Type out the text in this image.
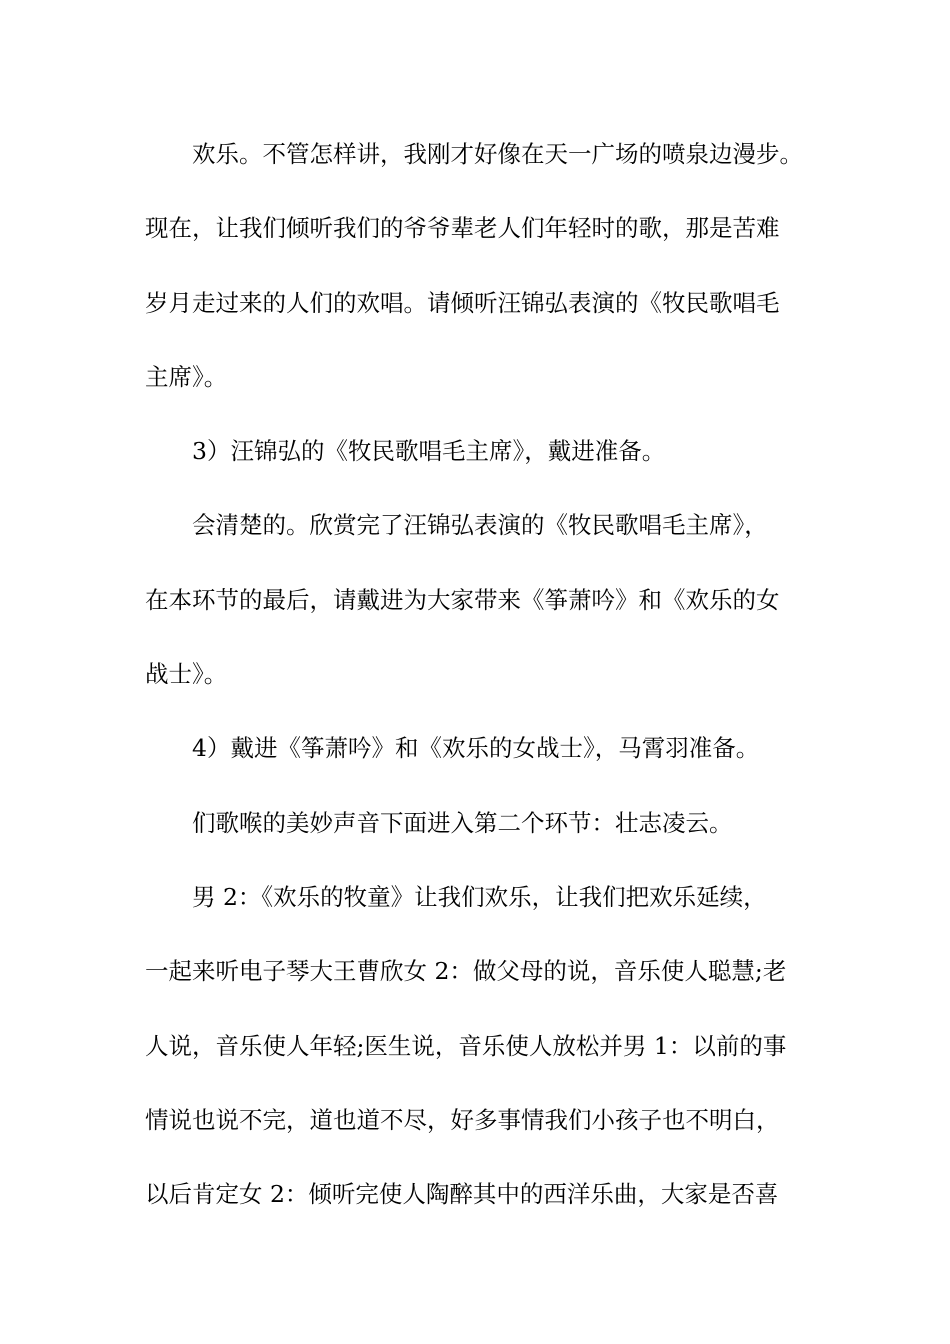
欢乐。不管怎样讲，我刚才好像在天一广场的喷泉边漫步。
现在，让我们倾听我们的爷爷辈老人们年轻时的歌，那是苦难
岁月走过来的人们的欢唱。请倾听汪锦弘表演的《牧民歌唱毛
主席》。
3）汪锦弘的《牧民歌唱毛主席》，戴进准备。
会清楚的。欣赏完了汪锦弘表演的《牧民歌唱毛主席》，
在本环节的最后，请戴进为大家带来《筝萧吟》和《欢乐的女
战士》。
4）戴进《筝萧吟》和《欢乐的女战士》，马霄羽准备。
们歌喉的美妙声音下面进入第二个环节：壮志凌云。
男 2：《欢乐的牧童》让我们欢乐，让我们把欢乐延续，
一起来听电子琴大王曹欣女 2：做父母的说，音乐使人聪慧;老
人说，音乐使人年轻;医生说，音乐使人放松并男 1：以前的事
情说也说不完，道也道不尽，好多事情我们小孩子也不明白，
以后肯定女 2：倾听完使人陶醉其中的西洋乐曲，大家是否喜
